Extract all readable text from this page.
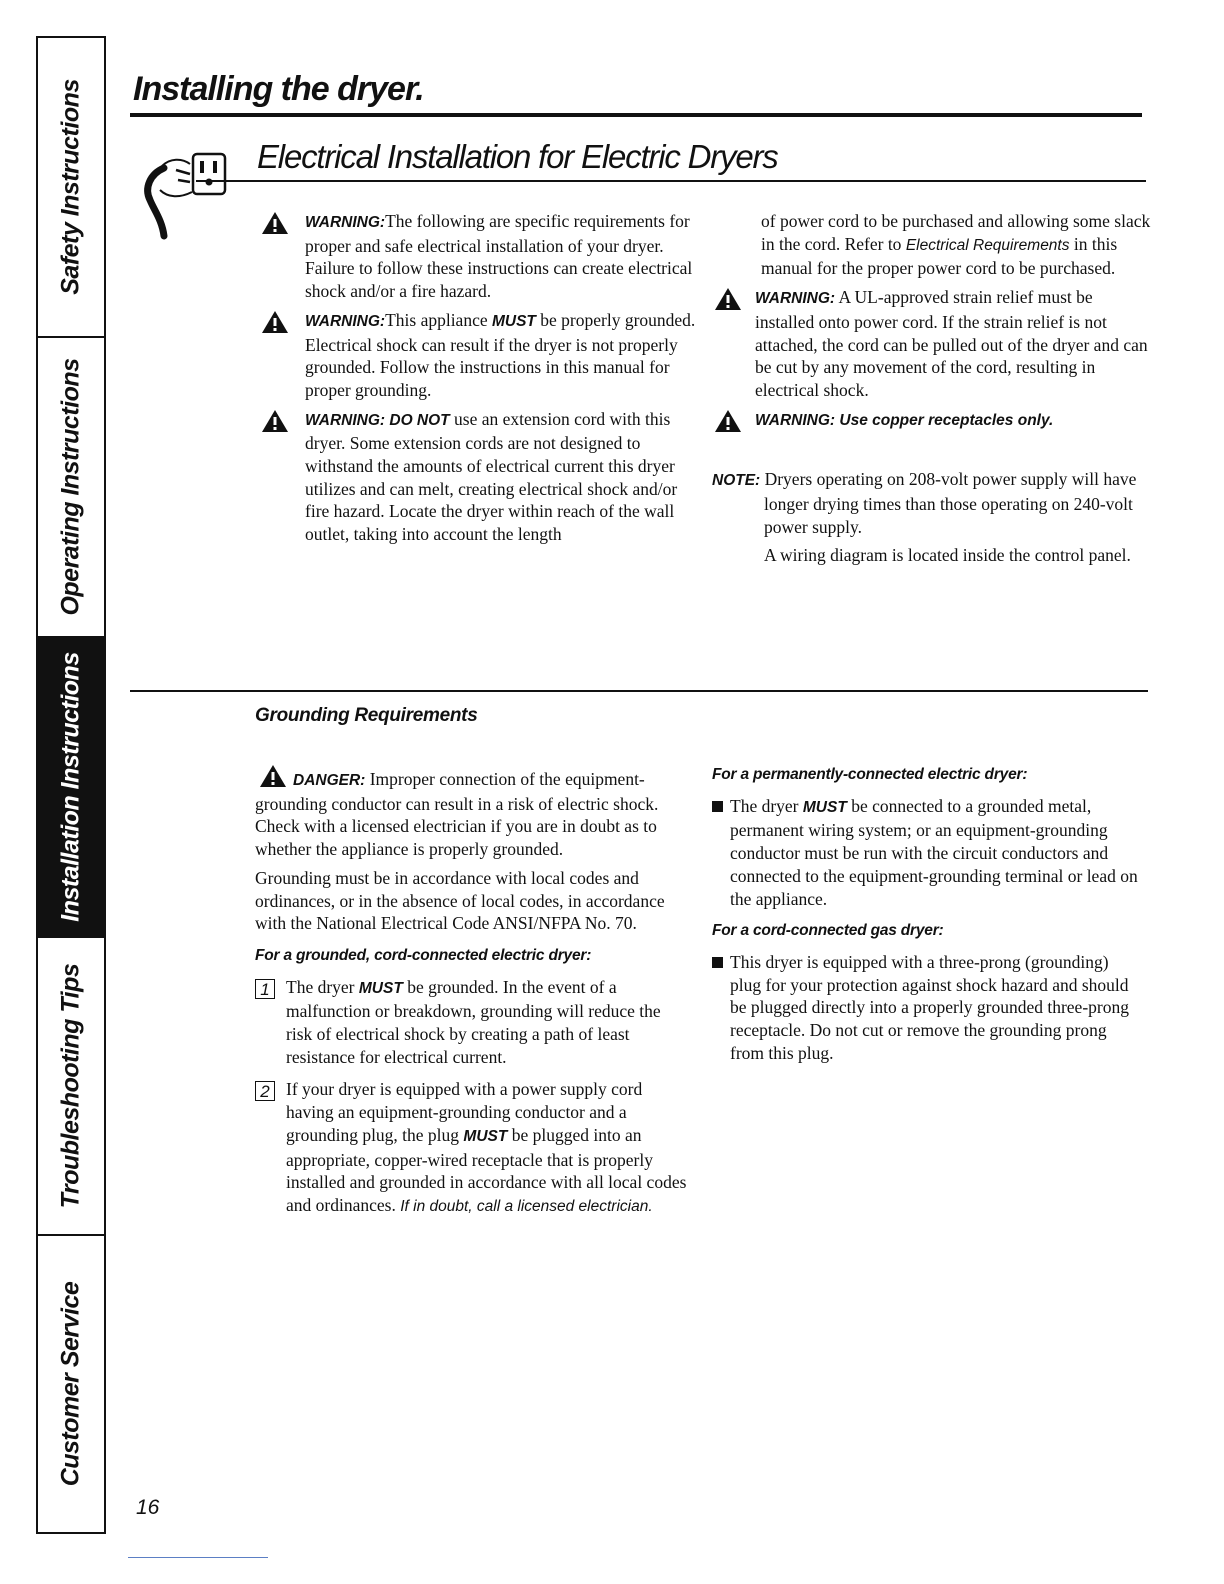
Safety Instructions
Operating Instructions
Installation Instructions
Troubleshooting Tips
Customer Service
Installing the dryer.
Electrical Installation for Electric Dryers
WARNING:The following are specific requirements for proper and safe electrical installation of your dryer. Failure to follow these instructions can create electrical shock and/or a fire hazard.
WARNING:This appliance MUST be properly grounded. Electrical shock can result if the dryer is not properly grounded. Follow the instructions in this manual for proper grounding.
WARNING: DO NOT use an extension cord with this dryer. Some extension cords are not designed to withstand the amounts of electrical current this dryer utilizes and can melt, creating electrical shock and/or fire hazard. Locate the dryer within reach of the wall outlet, taking into account the length

of power cord to be purchased and allowing some slack in the cord. Refer to Electrical Requirements in this manual for the proper power cord to be purchased.

WARNING: A UL-approved strain relief must be installed onto power cord. If the strain relief is not attached, the cord can be pulled out of the dryer and can be cut by any movement of the cord, resulting in electrical shock.
WARNING: Use copper receptacles only.
NOTE: Dryers operating on 208-volt power supply will have longer drying times than those operating on 240-volt power supply.

A wiring diagram is located inside the control panel.

Grounding Requirements

DANGER: Improper connection of the equipment-grounding conductor can result in a risk of electric shock. Check with a licensed electrician if you are in doubt as to whether the appliance is properly grounded.

Grounding must be in accordance with local codes and ordinances, or in the absence of local codes, in accordance with the National Electrical Code ANSI/NFPA No. 70.

For a grounded, cord-connected electric dryer:

1 The dryer MUST be grounded. In the event of a malfunction or breakdown, grounding will reduce the risk of electrical shock by creating a path of least resistance for electrical current.
2 If your dryer is equipped with a power supply cord having an equipment-grounding conductor and a grounding plug, the plug MUST be plugged into an appropriate, copper-wired receptacle that is properly installed and grounded in accordance with all local codes and ordinances. If in doubt, call a licensed electrician.

For a permanently-connected electric dryer:

The dryer MUST be connected to a grounded metal, permanent wiring system; or an equipment-grounding conductor must be run with the circuit conductors and connected to the equipment-grounding terminal or lead on the appliance.

For a cord-connected gas dryer:

This dryer is equipped with a three-prong (grounding) plug for your protection against shock hazard and should be plugged directly into a properly grounded three-prong receptacle. Do not cut or remove the grounding prong from this plug.

16
